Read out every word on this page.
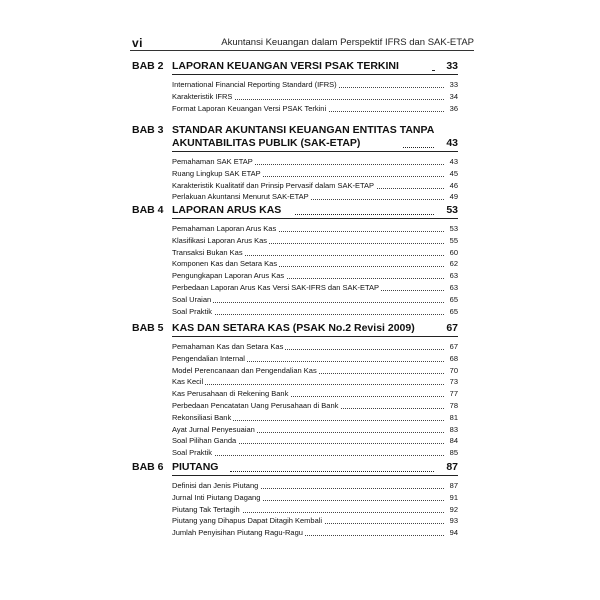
vi	Akuntansi Keuangan dalam Perspektif IFRS dan SAK-ETAP
BAB 2 LAPORAN KEUANGAN VERSI PSAK TERKINI	33
International Financial Reporting Standard (IFRS)	33
Karakteristik IFRS	34
Format Laporan Keuangan Versi PSAK Terkini	36
BAB 3 STANDAR AKUNTANSI KEUANGAN ENTITAS TANPA
AKUNTABILITAS PUBLIK (SAK-ETAP)	43
Pemahaman SAK ETAP	43
Ruang Lingkup SAK ETAP	45
Karakteristik Kualitatif dan Prinsip Pervasif dalam SAK-ETAP	46
Perlakuan Akuntansi Menurut SAK-ETAP	49
BAB 4 LAPORAN ARUS KAS	53
Pemahaman Laporan Arus Kas	53
Klasifikasi Laporan Arus Kas	55
Transaksi Bukan Kas	60
Komponen Kas dan Setara Kas	62
Pengungkapan Laporan Arus Kas	63
Perbedaan Laporan Arus Kas Versi SAK-IFRS dan SAK-ETAP	63
Soal Uraian	65
Soal Praktik	65
BAB 5 KAS DAN SETARA KAS (PSAK No.2 Revisi 2009)	67
Pemahaman Kas dan Setara Kas	67
Pengendalian Internal	68
Model Perencanaan dan Pengendalian Kas	70
Kas Kecil	73
Kas Perusahaan di Rekening Bank	77
Perbedaan Pencatatan Uang Perusahaan di Bank	78
Rekonsiliasi Bank	81
Ayat Jurnal Penyesuaian	83
Soal Pilihan Ganda	84
Soal Praktik	85
BAB 6 PIUTANG	87
Definisi dan Jenis Piutang	87
Jurnal Inti Piutang Dagang	91
Piutang Tak Tertagih	92
Piutang yang Dihapus Dapat Ditagih Kembali	93
Jumlah Penyisihan Piutang Ragu-Ragu	94
